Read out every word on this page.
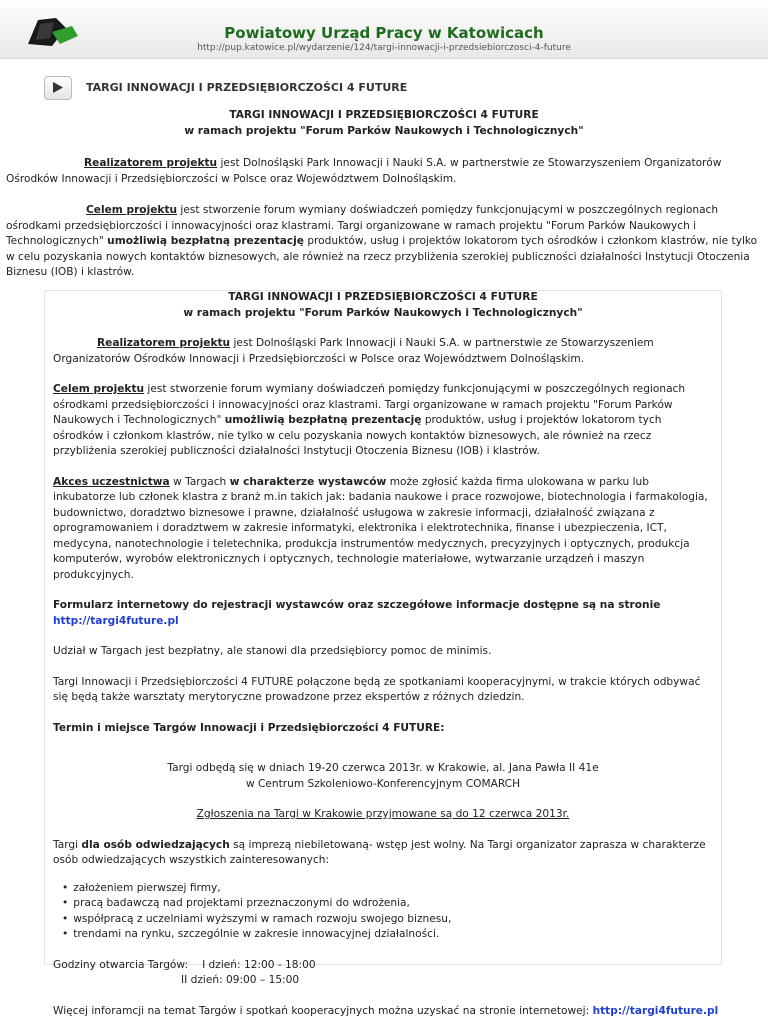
Powiatowy Urząd Pracy w Katowicach
http://pup.katowice.pl/wydarzenie/124/targi-innowacji-i-przedsiebiorczosci-4-future
TARGI INNOWACJI I PRZEDSIĘBIORCZOŚCI 4 FUTURE

TARGI INNOWACJI I PRZEDSIĘBIORCZOŚCI 4 FUTURE

w ramach projektu "Forum Parków Naukowych i Technologicznych"

Realizatorem projektu jest Dolnośląski Park Innowacji i Nauki S.A. w partnerstwie ze Stowarzyszeniem Organizatorów Ośrodków Innowacji i Przedsiębiorczości w Polsce oraz Województwem Dolnośląskim.

Celem projektu jest stworzenie forum wymiany doświadczeń pomiędzy funkcjonującymi w poszczególnych regionach ośrodkami przedsiębiorczości i innowacyjności oraz klastrami. Targi organizowane w ramach projektu "Forum Parków Naukowych i Technologicznych" umożliwią bezpłatną prezentację produktów, usług i projektów lokatorom tych ośrodków i członkom klastrów, nie tylko w celu pozyskania nowych kontaktów biznesowych, ale również na rzecz przybliżenia szerokiej publiczności działalności Instytucji Otoczenia Biznesu (IOB) i klastrów.

TARGI INNOWACJI I PRZEDSIĘBIORCZOŚCI 4 FUTURE

w ramach projektu "Forum Parków Naukowych i Technologicznych"

Realizatorem projektu jest Dolnośląski Park Innowacji i Nauki S.A. w partnerstwie ze Stowarzyszeniem Organizatorów Ośrodków Innowacji i Przedsiębiorczości w Polsce oraz Województwem Dolnośląskim.

Celem projektu jest stworzenie forum wymiany doświadczeń pomiędzy funkcjonującymi w poszczególnych regionach ośrodkami przedsiębiorczości i innowacyjności oraz klastrami. Targi organizowane w ramach projektu "Forum Parków Naukowych i Technologicznych" umożliwią bezpłatną prezentację produktów, usług i projektów lokatorom tych ośrodków i członkom klastrów, nie tylko w celu pozyskania nowych kontaktów biznesowych, ale również na rzecz przybliżenia szerokiej publiczności działalności Instytucji Otoczenia Biznesu (IOB) i klastrów.

Akces uczestnictwa w Targach w charakterze wystawców może zgłosić każda firma ulokowana w parku lub inkubatorze lub członek klastra z branż m.in takich jak: badania naukowe i prace rozwojowe, biotechnologia i farmakologia, budownictwo, doradztwo biznesowe i prawne, działalność usługowa w zakresie informacji, działalność związana z oprogramowaniem i doradztwem w zakresie informatyki, elektronika i elektrotechnika, finanse i ubezpieczenia, ICT, medycyna, nanotechnologie i teletechnika, produkcja instrumentów medycznych, precyzyjnych i optycznych, produkcja komputerów, wyrobów elektronicznych i optycznych, technologie materiałowe, wytwarzanie urządzeń i maszyn produkcyjnych.

Formularz internetowy do rejestracji wystawców oraz szczegółowe informacje dostępne są na stronie
http://targi4future.pl

Udział w Targach jest bezpłatny, ale stanowi dla przedsiębiorcy pomoc de minimis.

Targi Innowacji i Przedsiębiorczości 4 FUTURE połączone będą ze spotkaniami kooperacyjnymi, w trakcie których odbywać się będą także warsztaty merytoryczne prowadzone przez ekspertów z różnych dziedzin.

Termin i miejsce Targów Innowacji i Przedsiębiorczości 4 FUTURE:

Targi odbędą się w dniach 19-20 czerwca 2013r. w Krakowie, al. Jana Pawła II 41e

w Centrum Szkoleniowo-Konferencyjnym COMARCH

Zgłoszenia na Targi w Krakowie przyjmowane są do 12 czerwca 2013r.

Targi dla osób odwiedzających są imprezą niebiletowaną- wstęp jest wolny. Na Targi organizator zaprasza w charakterze osób odwiedzających wszystkich zainteresowanych:

• założeniem pierwszej firmy,
• pracą badawczą nad projektami przeznaczonymi do wdrożenia,
• współpracą z uczelniami wyższymi w ramach rozwoju swojego biznesu,
• trendami na rynku, szczególnie w zakresie innowacyjnej działalności.

Godziny otwarcia Targów: I dzień: 12:00 - 18:00
II dzień: 09:00 – 15:00

Więcej inforamcji na temat Targów i spotkań kooperacyjnych można uzyskać na stronie internetowej: http://targi4future.pl
